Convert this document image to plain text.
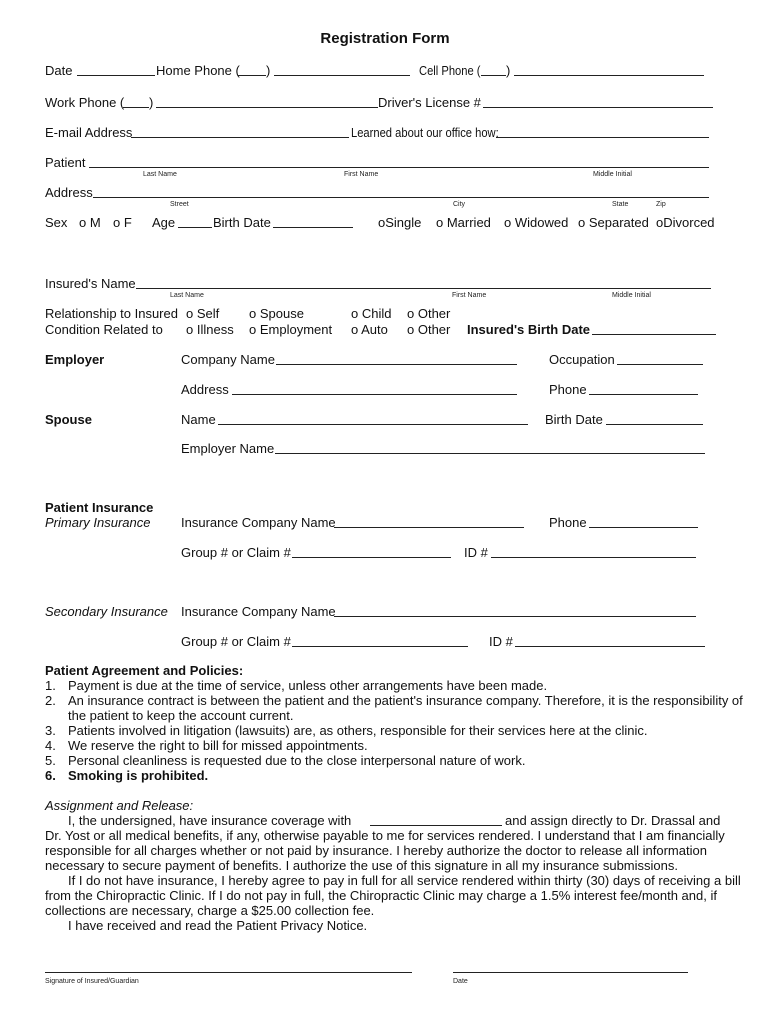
Registration Form
Date	Home Phone ( )	Cell Phone (	)
Work Phone ( )	Driver's License #
E-mail Address	Learned about our office how:
Patient
Last Name	First Name	Middle Initial
Address
Street	City	State	Zip
Sex o M o F Age	Birth Date	oSingle o Married o Widowed o Separated oDivorced
Insured's Name
Last Name	First Name	Middle Initial
Relationship to Insured o Self o Spouse	o Child o Other
Condition Related to o Illness o Employment o Auto o Other Insured's Birth Date
Employer	Company Name	Occupation
Address	Phone
Spouse	Name	Birth Date
Employer Name
Patient Insurance
Primary Insurance Insurance Company Name	Phone
Group # or Claim #	ID #
Secondary Insurance Insurance Company Name
Group # or Claim #	ID #
Patient Agreement and Policies:
1. Payment is due at the time of service, unless other arrangements have been made.
2. An insurance contract is between the patient and the patient's insurance company. Therefore, it is the responsibility of
the patient to keep the account current.
3. Patients involved in litigation (lawsuits) are, as others, responsible for their services here at the clinic.
4. We reserve the right to bill for missed appointments.
5. Personal cleanliness is requested due to the close interpersonal nature of work.
6. Smoking is prohibited.
Assignment and Release:
I, the undersigned, have insurance coverage with	and assign directly to Dr. Drassal and
Dr. Yost or all medical benefits, if any, otherwise payable to me for services rendered. I understand that I am financially
responsible for all charges whether or not paid by insurance. I hereby authorize the doctor to release all information
necessary to secure payment of benefits. I authorize the use of this signature in all my insurance submissions.
If I do not have insurance, I hereby agree to pay in full for all service rendered within thirty (30) days of receiving a bill
from the Chiropractic Clinic. If I do not pay in full, the Chiropractic Clinic may charge a 1.5% interest fee/month and, if
collections are necessary, charge a $25.00 collection fee.
I have received and read the Patient Privacy Notice.
Signature of Insured/Guardian	Date
